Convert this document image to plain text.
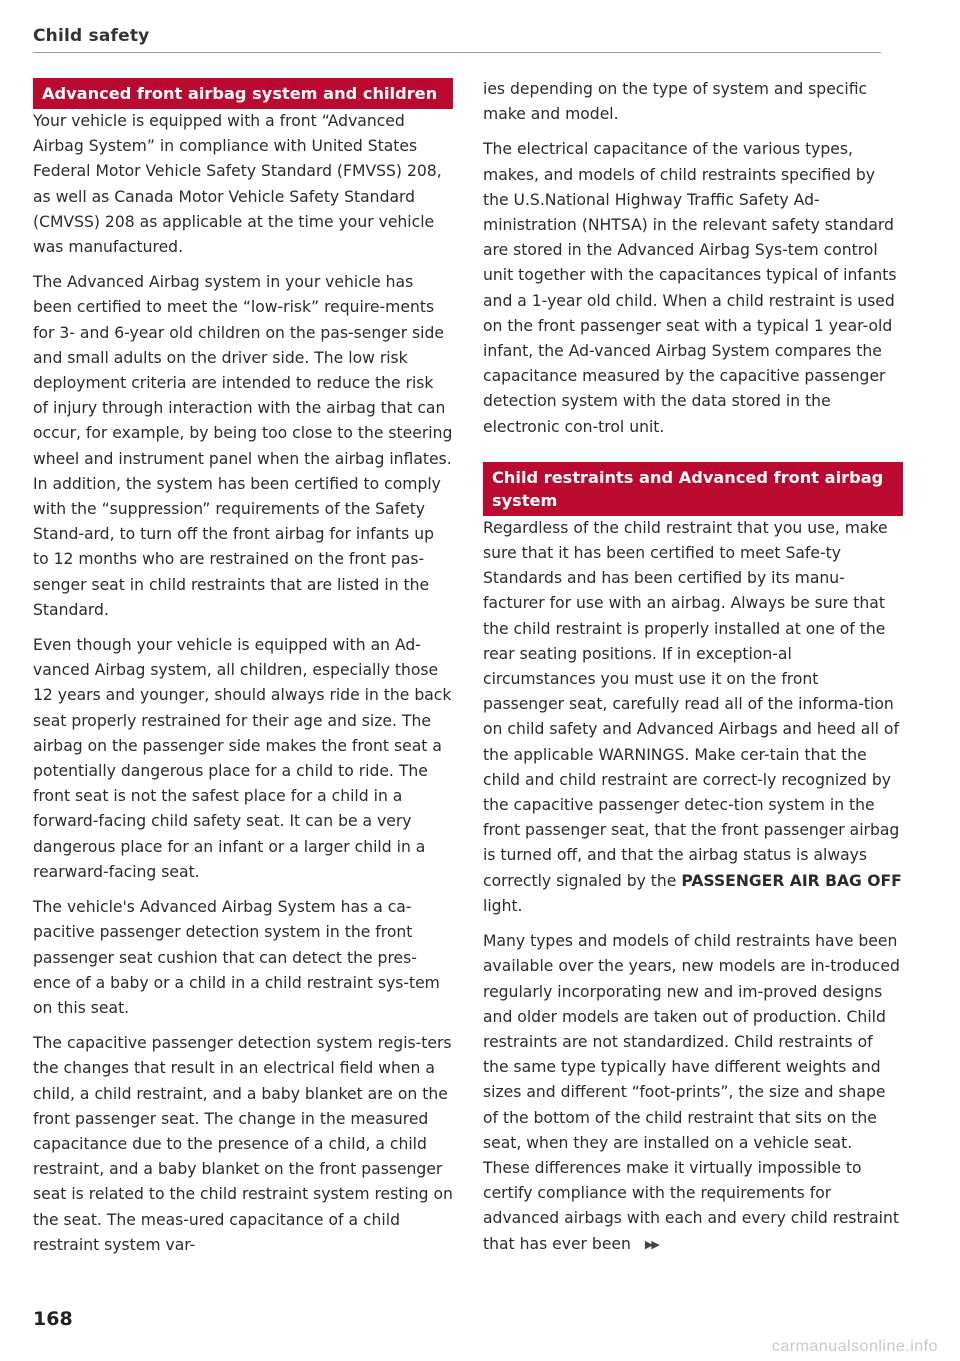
Child safety
Advanced front airbag system and children

Your vehicle is equipped with a front “Advanced Airbag System” in compliance with United States Federal Motor Vehicle Safety Standard (FMVSS) 208, as well as Canada Motor Vehicle Safety Standard (CMVSS) 208 as applicable at the time your vehicle was manufactured.

The Advanced Airbag system in your vehicle has been certified to meet the “low-risk” require-ments for 3- and 6-year old children on the pas-senger side and small adults on the driver side. The low risk deployment criteria are intended to reduce the risk of injury through interaction with the airbag that can occur, for example, by being too close to the steering wheel and instrument panel when the airbag inflates. In addition, the system has been certified to comply with the “suppression” requirements of the Safety Stand-ard, to turn off the front airbag for infants up to 12 months who are restrained on the front pas-senger seat in child restraints that are listed in the Standard.

Even though your vehicle is equipped with an Ad-vanced Airbag system, all children, especially those 12 years and younger, should always ride in the back seat properly restrained for their age and size. The airbag on the passenger side makes the front seat a potentially dangerous place for a child to ride. The front seat is not the safest place for a child in a forward-facing child safety seat. It can be a very dangerous place for an infant or a larger child in a rearward-facing seat.

The vehicle's Advanced Airbag System has a ca-pacitive passenger detection system in the front passenger seat cushion that can detect the pres-ence of a baby or a child in a child restraint sys-tem on this seat.

The capacitive passenger detection system regis-ters the changes that result in an electrical field when a child, a child restraint, and a baby blanket are on the front passenger seat. The change in the measured capacitance due to the presence of a child, a child restraint, and a baby blanket on the front passenger seat is related to the child restraint system resting on the seat. The meas-ured capacitance of a child restraint system var-

ies depending on the type of system and specific make and model.

The electrical capacitance of the various types, makes, and models of child restraints specified by the U.S.National Highway Traffic Safety Ad-ministration (NHTSA) in the relevant safety standard are stored in the Advanced Airbag Sys-tem control unit together with the capacitances typical of infants and a 1-year old child. When a child restraint is used on the front passenger seat with a typical 1 year-old infant, the Ad-vanced Airbag System compares the capacitance measured by the capacitive passenger detection system with the data stored in the electronic con-trol unit.

Child restraints and Advanced front airbag system

Regardless of the child restraint that you use, make sure that it has been certified to meet Safe-ty Standards and has been certified by its manu-facturer for use with an airbag. Always be sure that the child restraint is properly installed at one of the rear seating positions. If in exception-al circumstances you must use it on the front passenger seat, carefully read all of the informa-tion on child safety and Advanced Airbags and heed all of the applicable WARNINGS. Make cer-tain that the child and child restraint are correct-ly recognized by the capacitive passenger detec-tion system in the front passenger seat, that the front passenger airbag is turned off, and that the airbag status is always correctly signaled by the PASSENGER AIR BAG OFF light.

Many types and models of child restraints have been available over the years, new models are in-troduced regularly incorporating new and im-proved designs and older models are taken out of production. Child restraints are not standardized. Child restraints of the same type typically have different weights and sizes and different “foot-prints”, the size and shape of the bottom of the child restraint that sits on the seat, when they are installed on a vehicle seat. These differences make it virtually impossible to certify compliance with the requirements for advanced airbags with each and every child restraint that has ever been ▶▶

168
carmanualsonline.info
